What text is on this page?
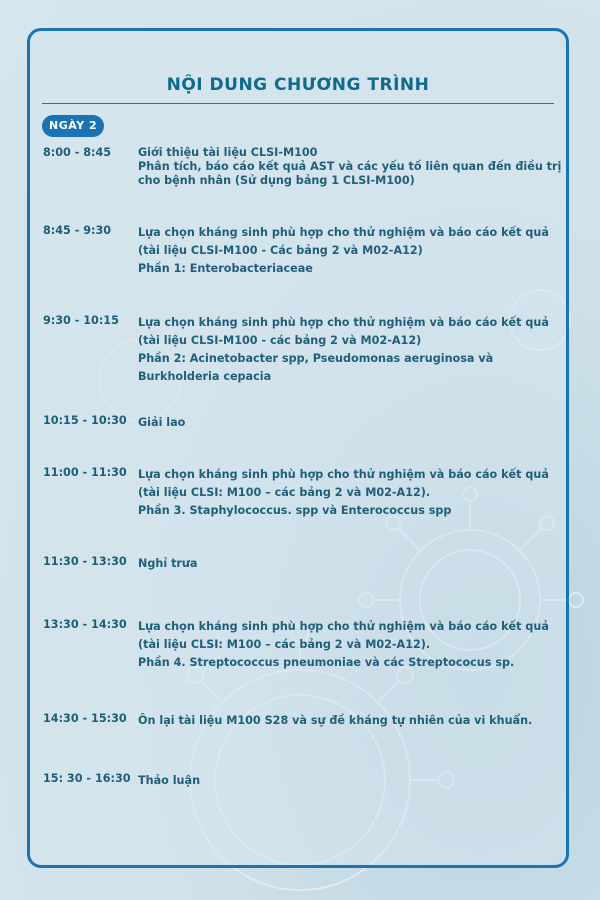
NỘI DUNG CHƯƠNG TRÌNH
NGÀY 2
8:00 - 8:45	Giới thiệu tài liệu CLSI-M100
Phân tích, báo cáo kết quả AST và các yếu tố liên quan đến điều trị cho bệnh nhân (Sử dụng bảng 1 CLSI-M100)
8:45 - 9:30	Lựa chọn kháng sinh phù hợp cho thử nghiệm và báo cáo kết quả
(tài liệu CLSI-M100 - Các bảng 2 và M02-A12)
Phần 1: Enterobacteriaceae
9:30 - 10:15	Lựa chọn kháng sinh phù hợp cho thử nghiệm và báo cáo kết quả
(tài liệu CLSI-M100 - các bảng 2 và M02-A12)
Phần 2: Acinetobacter spp, Pseudomonas aeruginosa và Burkholderia cepacia
10:15 - 10:30	Giải lao
11:00 - 11:30	Lựa chọn kháng sinh phù hợp cho thử nghiệm và báo cáo kết quả
(tài liệu CLSI: M100 – các bảng 2 và M02-A12).
Phần 3. Staphylococcus. spp và Enterococcus spp
11:30 - 13:30	Nghỉ trưa
13:30 - 14:30	Lựa chọn kháng sinh phù hợp cho thử nghiệm và báo cáo kết quả
(tài liệu CLSI: M100 – các bảng 2 và M02-A12).
Phần 4. Streptococcus pneumoniae và các Streptococus sp.
14:30 - 15:30	Ôn lại tài liệu M100 S28 và sự đề kháng tự nhiên của vi khuẩn.
15: 30 - 16:30 Thảo luận
